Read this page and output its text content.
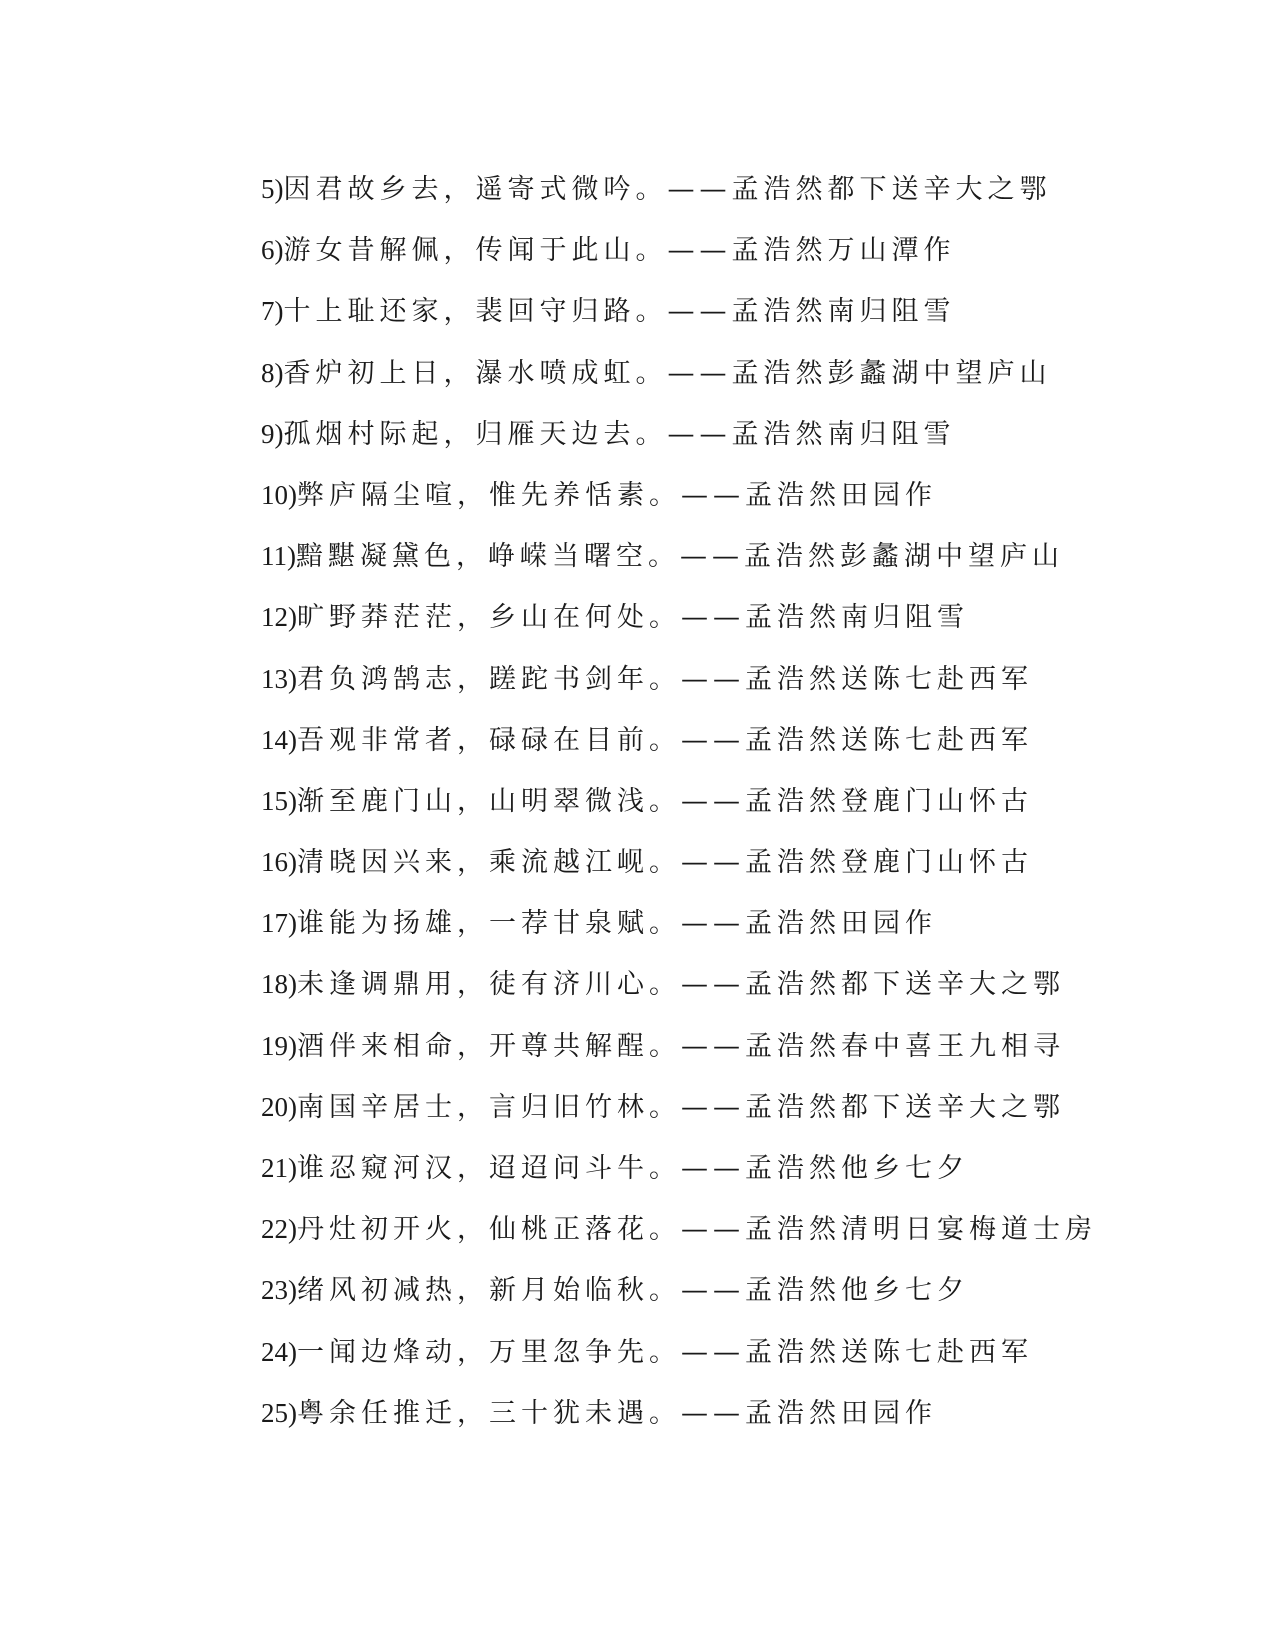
5)因君故乡去，遥寄式微吟。——孟浩然都下送辛大之鄂
6)游女昔解佩，传闻于此山。——孟浩然万山潭作
7)十上耻还家，裴回守归路。——孟浩然南归阻雪
8)香炉初上日，瀑水喷成虹。——孟浩然彭蠡湖中望庐山
9)孤烟村际起，归雁天边去。——孟浩然南归阻雪
10)弊庐隔尘喧，惟先养恬素。——孟浩然田园作
11)黯黮凝黛色，峥嵘当曙空。——孟浩然彭蠡湖中望庐山
12)旷野莽茫茫，乡山在何处。——孟浩然南归阻雪
13)君负鸿鹄志，蹉跎书剑年。——孟浩然送陈七赴西军
14)吾观非常者，碌碌在目前。——孟浩然送陈七赴西军
15)渐至鹿门山，山明翠微浅。——孟浩然登鹿门山怀古
16)清晓因兴来，乘流越江岘。——孟浩然登鹿门山怀古
17)谁能为扬雄，一荐甘泉赋。——孟浩然田园作
18)未逢调鼎用，徒有济川心。——孟浩然都下送辛大之鄂
19)酒伴来相命，开尊共解酲。——孟浩然春中喜王九相寻
20)南国辛居士，言归旧竹林。——孟浩然都下送辛大之鄂
21)谁忍窥河汉，迢迢问斗牛。——孟浩然他乡七夕
22)丹灶初开火，仙桃正落花。——孟浩然清明日宴梅道士房
23)绪风初减热，新月始临秋。——孟浩然他乡七夕
24)一闻边烽动，万里忽争先。——孟浩然送陈七赴西军
25)粤余任推迁，三十犹未遇。——孟浩然田园作
